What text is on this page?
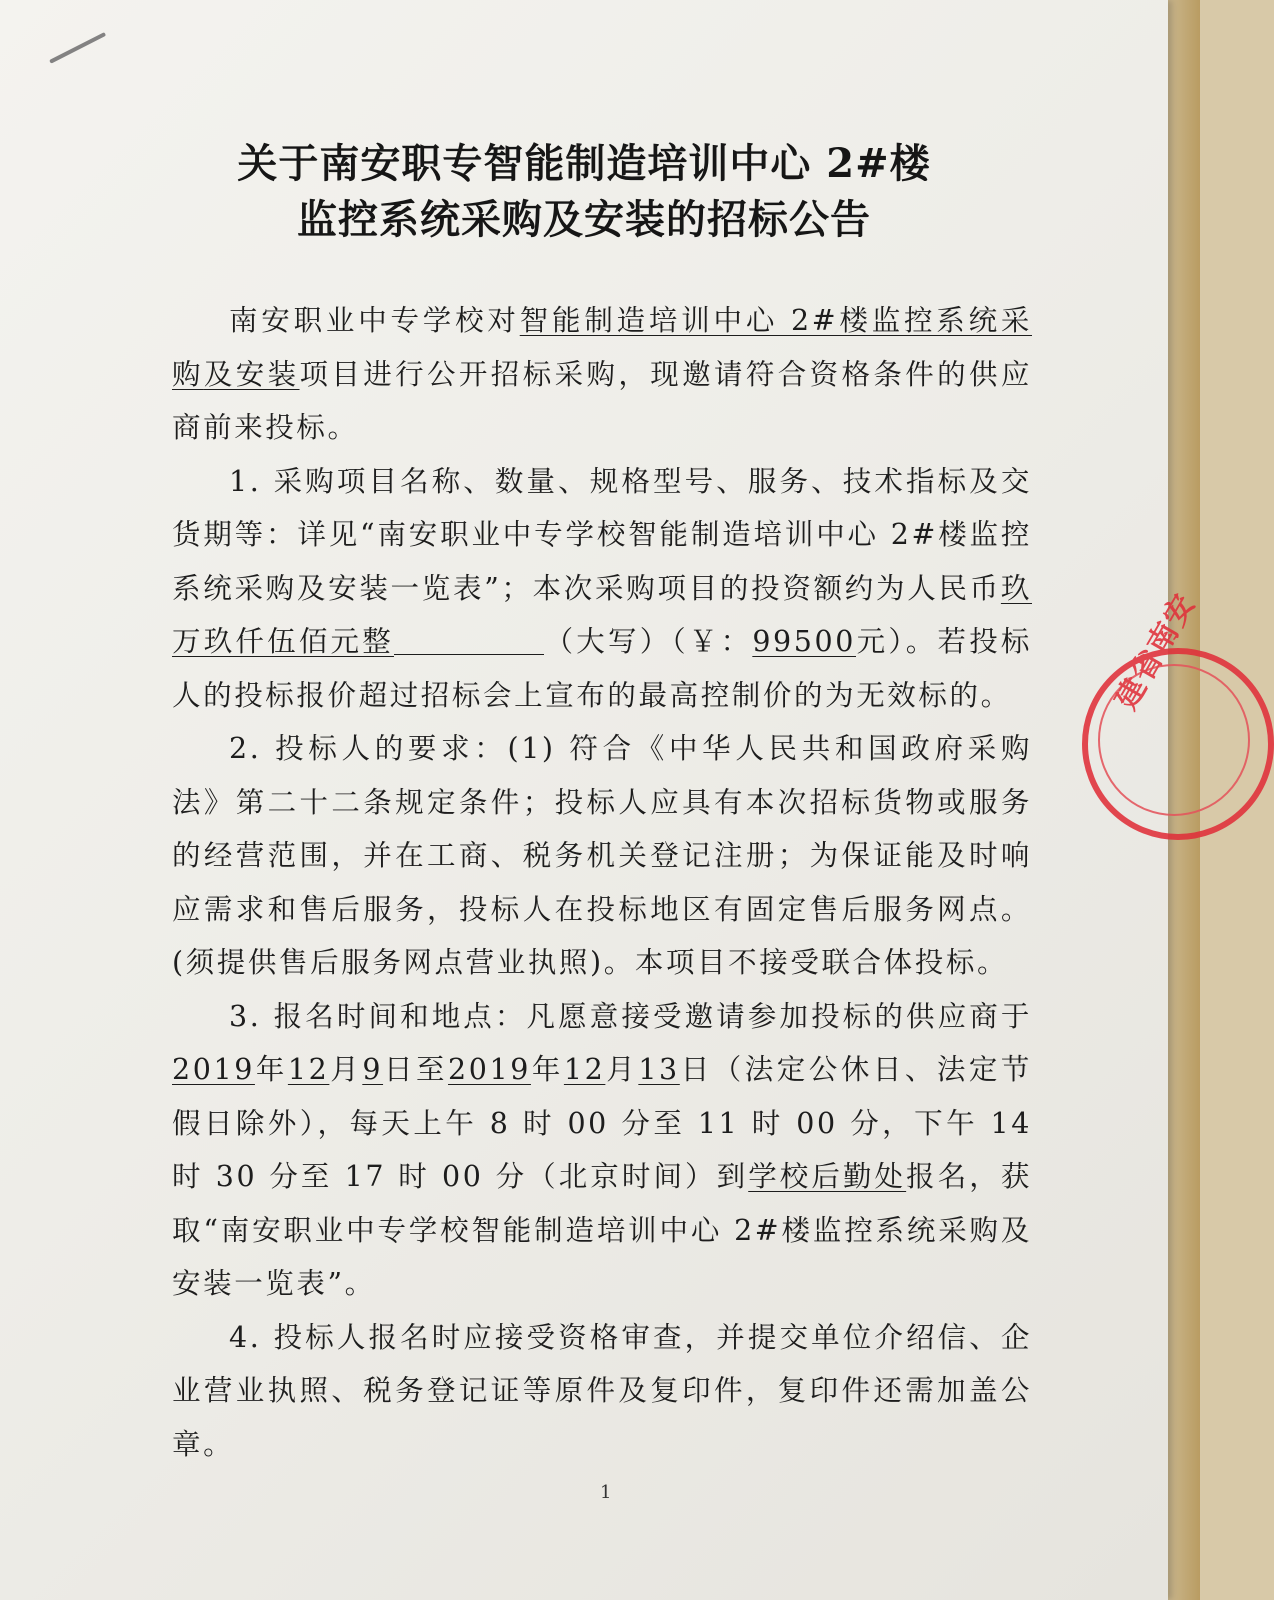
关于南安职专智能制造培训中心 2#楼
监控系统采购及安装的招标公告

南安职业中专学校对智能制造培训中心 2#楼监控系统采购及安装项目进行公开招标采购，现邀请符合资格条件的供应商前来投标。

1. 采购项目名称、数量、规格型号、服务、技术指标及交货期等：详见“南安职业中专学校智能制造培训中心 2#楼监控系统采购及安装一览表”；本次采购项目的投资额约为人民币玖万玖仟伍佰元整	（大写）（￥：99500元）。若投标人的投标报价超过招标会上宣布的最高控制价的为无效标的。

2. 投标人的要求：(1) 符合《中华人民共和国政府采购法》第二十二条规定条件；投标人应具有本次招标货物或服务的经营范围，并在工商、税务机关登记注册；为保证能及时响应需求和售后服务，投标人在投标地区有固定售后服务网点。(须提供售后服务网点营业执照)。本项目不接受联合体投标。

3. 报名时间和地点：凡愿意接受邀请参加投标的供应商于2019年12月9日至2019年12月13日（法定公休日、法定节假日除外），每天上午 8 时 00 分至 11 时 00 分，下午 14 时 30 分至 17 时 00 分（北京时间）到学校后勤处报名，获取“南安职业中专学校智能制造培训中心 2#楼监控系统采购及安装一览表”。

4. 投标人报名时应接受资格审查，并提交单位介绍信、企业营业执照、税务登记证等原件及复印件，复印件还需加盖公章。

1
建省南安
